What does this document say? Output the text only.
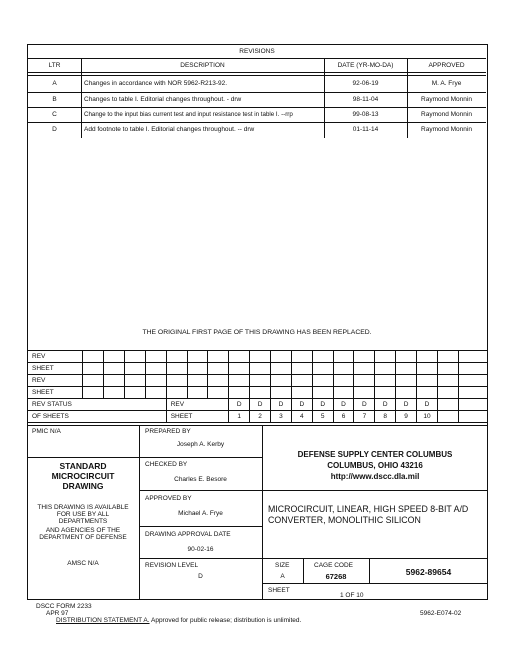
REVISIONS
LTR	DESCRIPTION	DATE (YR-MO-DA)	APPROVED
A	Changes in accordance with NOR 5962-R213-92.	92-06-19	M. A. Frye
B	Changes to table I. Editorial changes throughout. - drw	98-11-04	Raymond Monnin
C	Change to the input bias current test and input resistance test in table I. --rrp	99-08-13	Raymond Monnin
D	Add footnote to table I. Editorial changes throughout. -- drw	01-11-14	Raymond Monnin
THE ORIGINAL FIRST PAGE OF THIS DRAWING HAS BEEN REPLACED.
REV																			
SHEET																			
REV																			
SHEET																			
REV STATUS					REV			D	D	D	D	D	D	D	D	D	D		
OF SHEETS					SHEET			1	2	3	4	5	6	7	8	9	10		
PMIC N/A
STANDARD
MICROCIRCUIT
DRAWING
THIS DRAWING IS AVAILABLE
FOR USE BY ALL
DEPARTMENTS
AND AGENCIES OF THE
DEPARTMENT OF DEFENSE
AMSC N/A
PREPARED BY
Joseph A. Kerby
CHECKED BY
Charles E. Besore
APPROVED BY
Michael A. Frye
DRAWING APPROVAL DATE
90-02-16
REVISION LEVEL
D
DEFENSE SUPPLY CENTER COLUMBUS
COLUMBUS, OHIO 43216
http://www.dscc.dla.mil
MICROCIRCUIT, LINEAR, HIGH SPEED 8-BIT A/D
CONVERTER, MONOLITHIC SILICON
SIZE
A
CAGE CODE
67268	5962-89654
SHEET
1 OF 10
DSCC FORM 2233
APR 97	5962-E074-02
DISTRIBUTION STATEMENT A. Approved for public release; distribution is unlimited.
